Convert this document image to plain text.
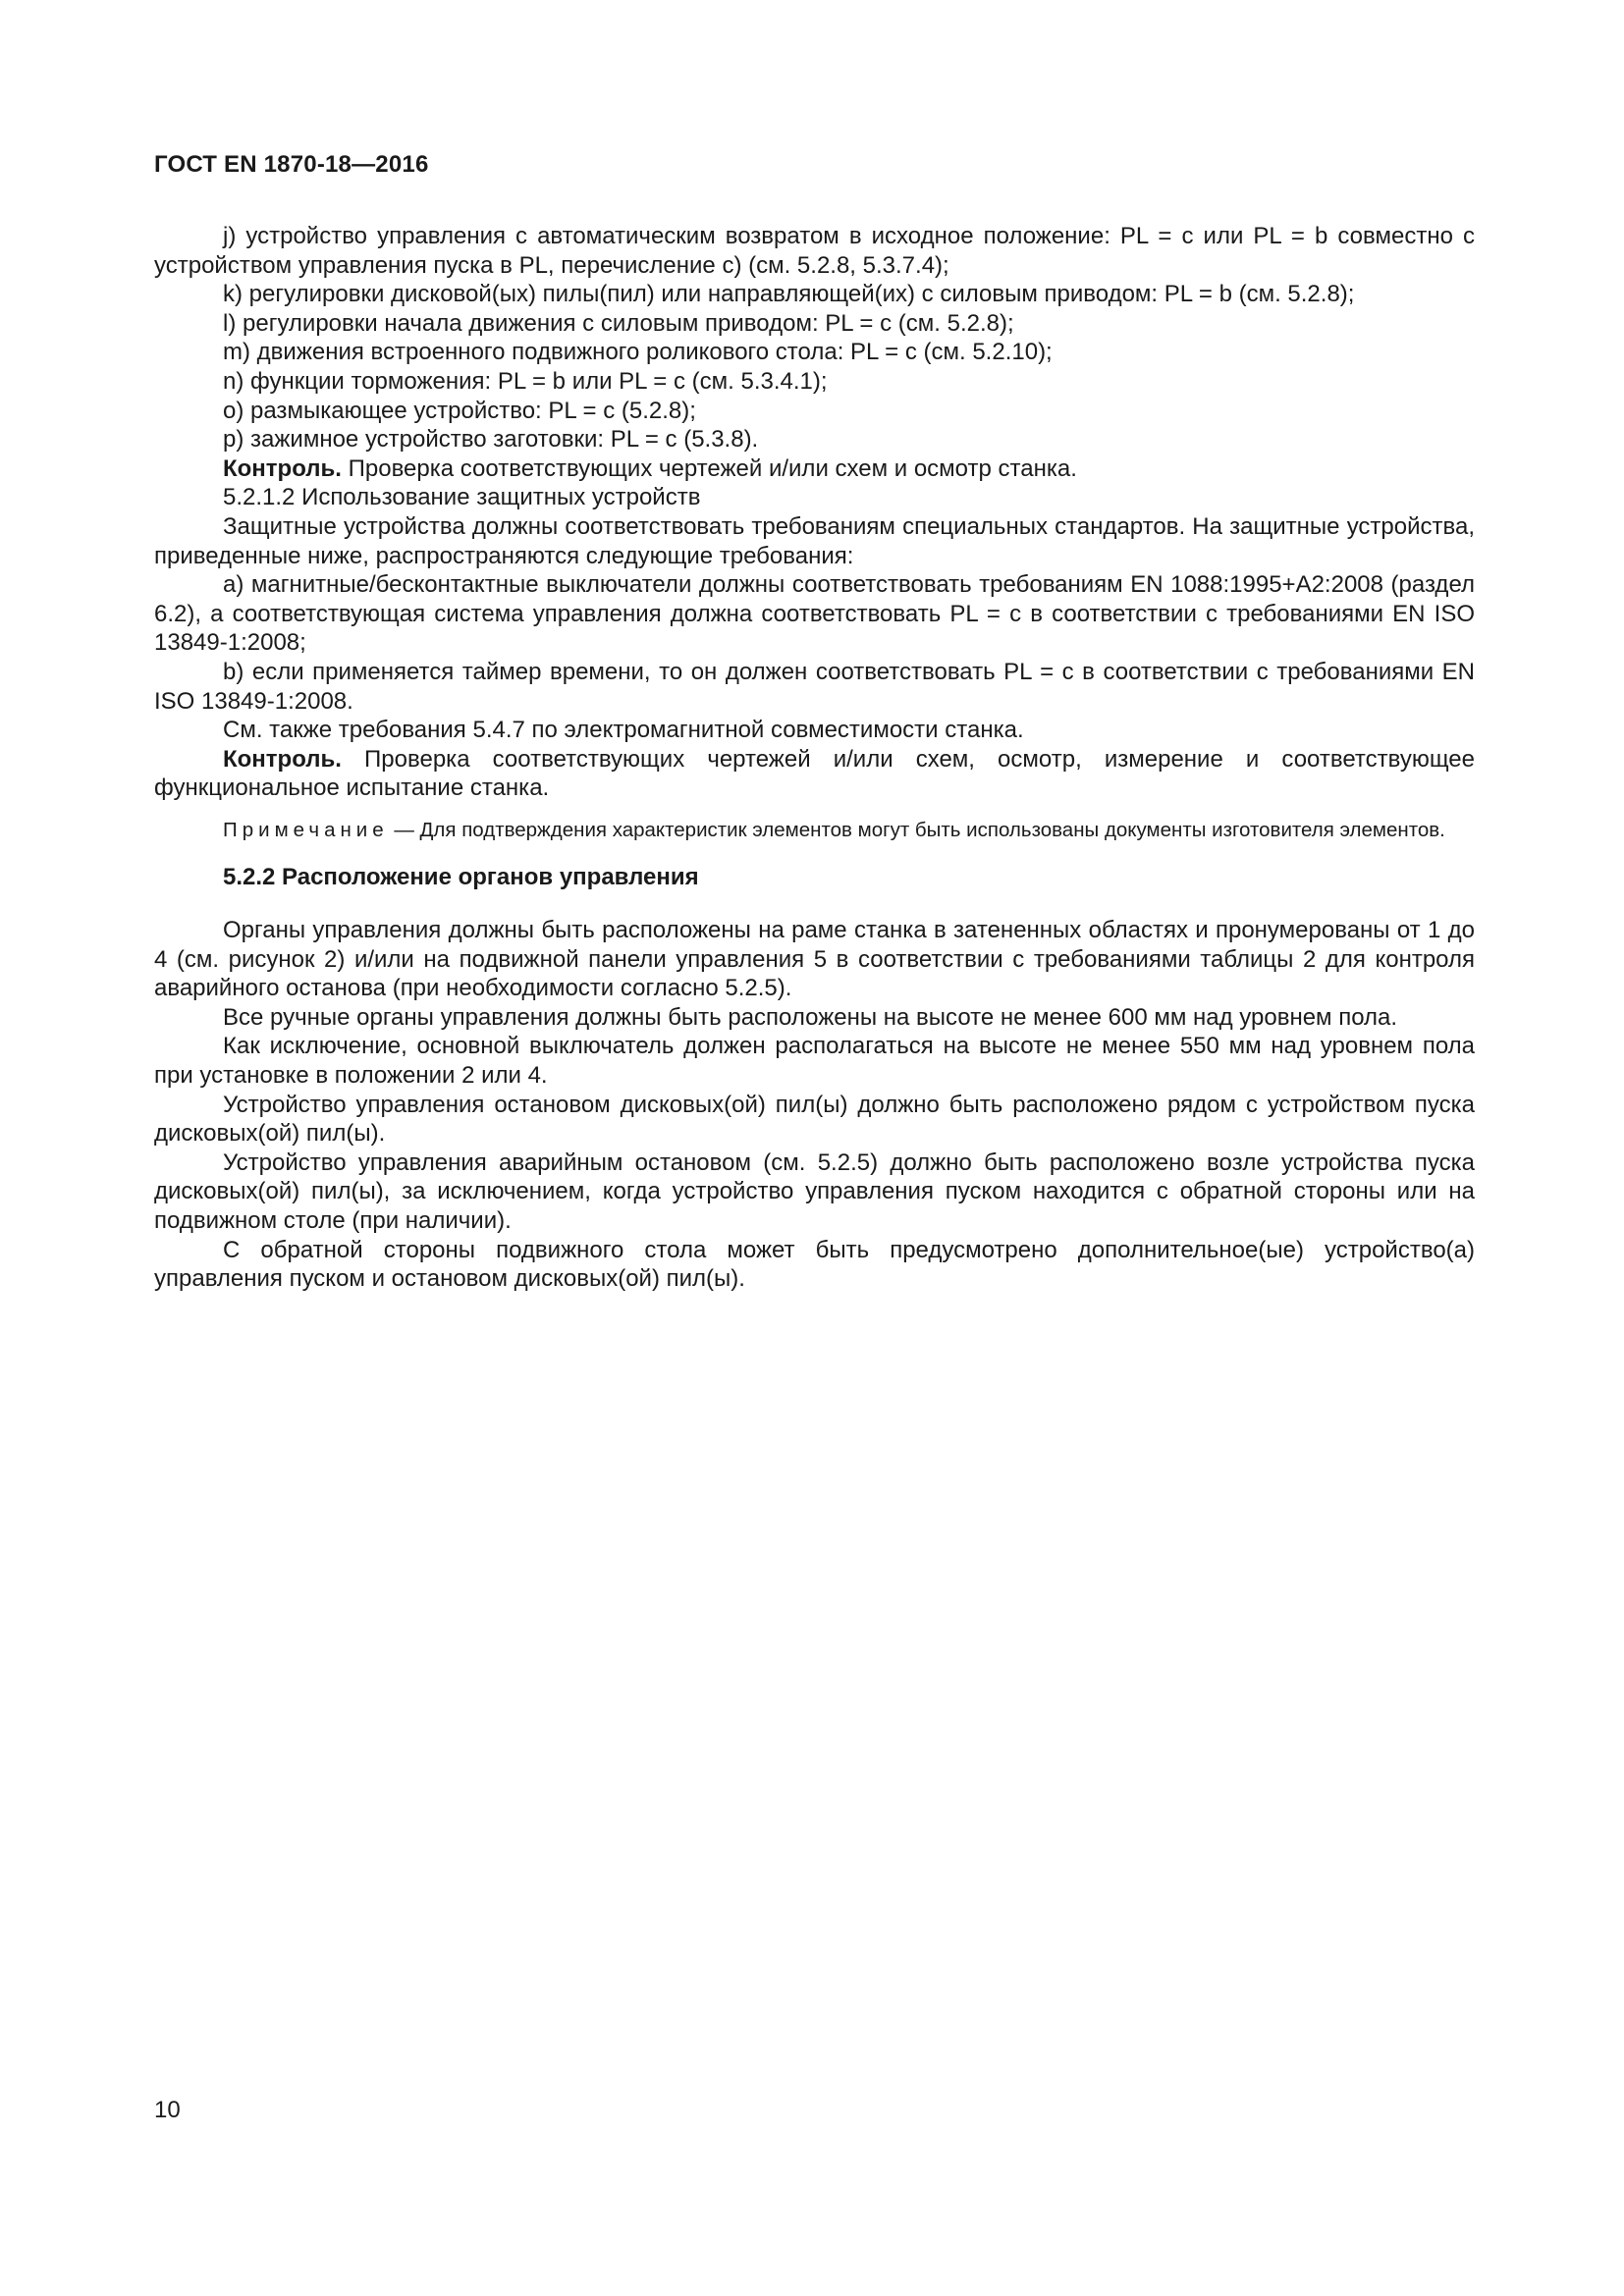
ГОСТ EN 1870-18—2016

j) устройство управления с автоматическим возвратом в исходное положение: PL = c или PL = b совместно с устройством управления пуска в PL, перечисление c) (см. 5.2.8, 5.3.7.4);

k) регулировки дисковой(ых) пилы(пил) или направляющей(их) с силовым приводом: PL = b (см. 5.2.8);

l) регулировки начала движения с силовым приводом: PL = c (см. 5.2.8);

m) движения встроенного подвижного роликового стола: PL = c (см. 5.2.10);

n) функции торможения: PL = b или PL = c (см. 5.3.4.1);

o) размыкающее устройство: PL = c (5.2.8);

p) зажимное устройство заготовки: PL = c (5.3.8).

Контроль. Проверка соответствующих чертежей и/или схем и осмотр станка.

5.2.1.2 Использование защитных устройств

Защитные устройства должны соответствовать требованиям специальных стандартов. На защитные устройства, приведенные ниже, распространяются следующие требования:

a) магнитные/бесконтактные выключатели должны соответствовать требованиям EN 1088:1995+A2:2008 (раздел 6.2), а соответствующая система управления должна соответствовать PL = c в соответствии с требованиями EN ISO 13849-1:2008;

b) если применяется таймер времени, то он должен соответствовать PL = c в соответствии с требованиями EN ISO 13849-1:2008.

См. также требования 5.4.7 по электромагнитной совместимости станка.

Контроль. Проверка соответствующих чертежей и/или схем, осмотр, измерение и соответствующее функциональное испытание станка.

Примечание — Для подтверждения характеристик элементов могут быть использованы документы изготовителя элементов.

5.2.2 Расположение органов управления

Органы управления должны быть расположены на раме станка в затененных областях и пронумерованы от 1 до 4 (см. рисунок 2) и/или на подвижной панели управления 5 в соответствии с требованиями таблицы 2 для контроля аварийного останова (при необходимости согласно 5.2.5).

Все ручные органы управления должны быть расположены на высоте не менее 600 мм над уровнем пола.

Как исключение, основной выключатель должен располагаться на высоте не менее 550 мм над уровнем пола при установке в положении 2 или 4.

Устройство управления остановом дисковых(ой) пил(ы) должно быть расположено рядом с устройством пуска дисковых(ой) пил(ы).

Устройство управления аварийным остановом (см. 5.2.5) должно быть расположено возле устройства пуска дисковых(ой) пил(ы), за исключением, когда устройство управления пуском находится с обратной стороны или на подвижном столе (при наличии).

С обратной стороны подвижного стола может быть предусмотрено дополнительное(ые) устройство(а) управления пуском и остановом дисковых(ой) пил(ы).

10
